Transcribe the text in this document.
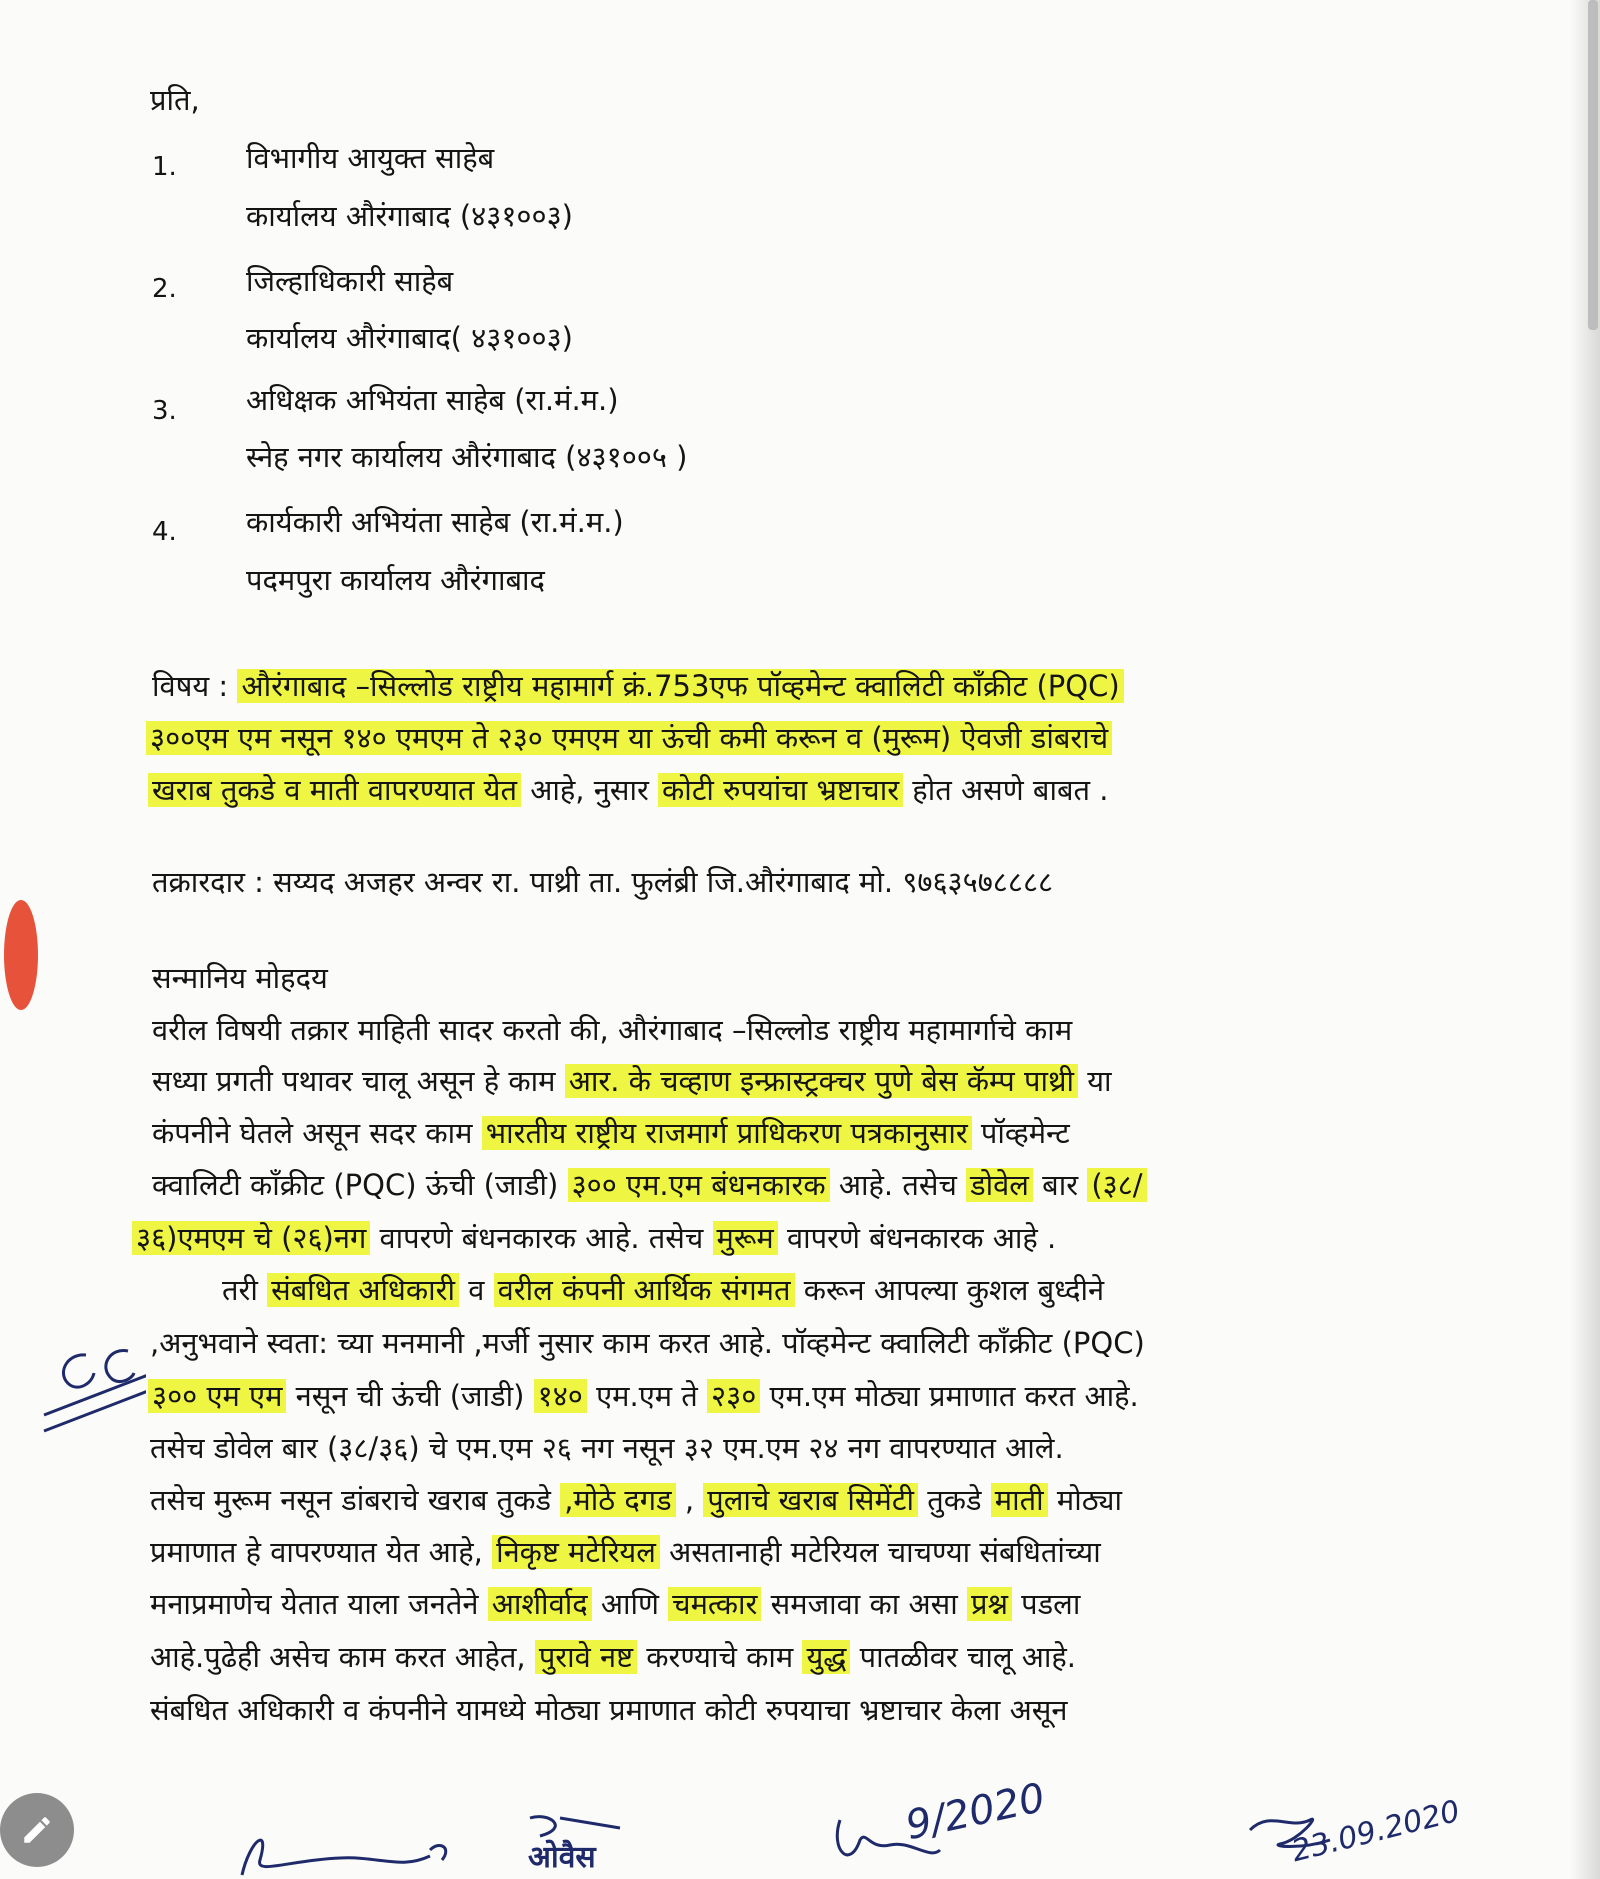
प्रति,
1. विभागीय आयुक्त साहेब
कार्यालय औरंगाबाद (४३१००३)
2. जिल्हाधिकारी साहेब
कार्यालय औरंगाबाद( ४३१००३)
3. अधिक्षक अभियंता साहेब (रा.मं.म.)
स्नेह नगर कार्यालय औरंगाबाद (४३१००५ )
4. कार्यकारी अभियंता साहेब (रा.मं.म.)
पदमपुरा कार्यालय औरंगाबाद
विषय : औरंगाबाद –सिल्लोड राष्ट्रीय महामार्ग क्रं.753एफ पॉव्हमेन्ट क्वालिटी कॉंक्रीट (PQC)
३००एम एम नसून १४० एमएम ते २३० एमएम या ऊंची कमी करून व (मुरूम) ऐवजी डांबराचे
खराब तुकडे व माती वापरण्यात येत आहे, नुसार कोटी रुपयांचा भ्रष्टाचार होत असणे बाबत .
तक्रारदार : सय्यद अजहर अन्वर रा. पाथ्री ता. फुलंब्री जि.औरंगाबाद मो. ९७६३५७८८८८
सन्मानिय मोहदय
वरील विषयी तक्रार माहिती सादर करतो की, औरंगाबाद –सिल्लोड राष्ट्रीय महामार्गाचे काम
सध्या प्रगती पथावर चालू असून हे काम आर. के चव्हाण इन्फ्रास्ट्रक्चर पुणे बेस कॅम्प पाथ्री या
कंपनीने घेतले असून सदर काम भारतीय राष्ट्रीय राजमार्ग प्राधिकरण पत्रकानुसार पॉव्हमेन्ट
क्वालिटी कॉंक्रीट (PQC) ऊंची (जाडी) ३०० एम.एम बंधनकारक आहे. तसेच डोवेल बार (३८/
३६)एमएम चे (२६)नग वापरणे बंधनकारक आहे. तसेच मुरूम वापरणे बंधनकारक आहे .
तरी संबधित अधिकारी व वरील कंपनी आर्थिक संगमत करून आपल्या कुशल बुध्दीने
,अनुभवाने स्वता: च्या मनमानी ,मर्जी नुसार काम करत आहे. पॉव्हमेन्ट क्वालिटी कॉंक्रीट (PQC)
३०० एम एम नसून ची ऊंची (जाडी) १४० एम.एम ते २३० एम.एम मोठ्या प्रमाणात करत आहे.
तसेच डोवेल बार (३८/३६) चे एम.एम २६ नग नसून ३२ एम.एम २४ नग वापरण्यात आले.
तसेच मुरूम नसून डांबराचे खराब तुकडे ,मोठे दगड , पुलाचे खराब सिमेंटी तुकडे माती मोठ्या
प्रमाणात हे वापरण्यात येत आहे, निकृष्ट मटेरियल असतानाही मटेरियल चाचण्या संबधितांच्या
मनाप्रमाणेच येतात याला जनतेने आशीर्वाद आणि चमत्कार समजावा का असा प्रश्न पडला
आहे.पुढेही असेच काम करत आहेत, पुरावे नष्ट करण्याचे काम युद्ध पातळीवर चालू आहे.
संबधित अधिकारी व कंपनीने यामध्ये मोठ्या प्रमाणात कोटी रुपयाचा भ्रष्टाचार केला असून
ओवैस
9/2020	23.09.2020
